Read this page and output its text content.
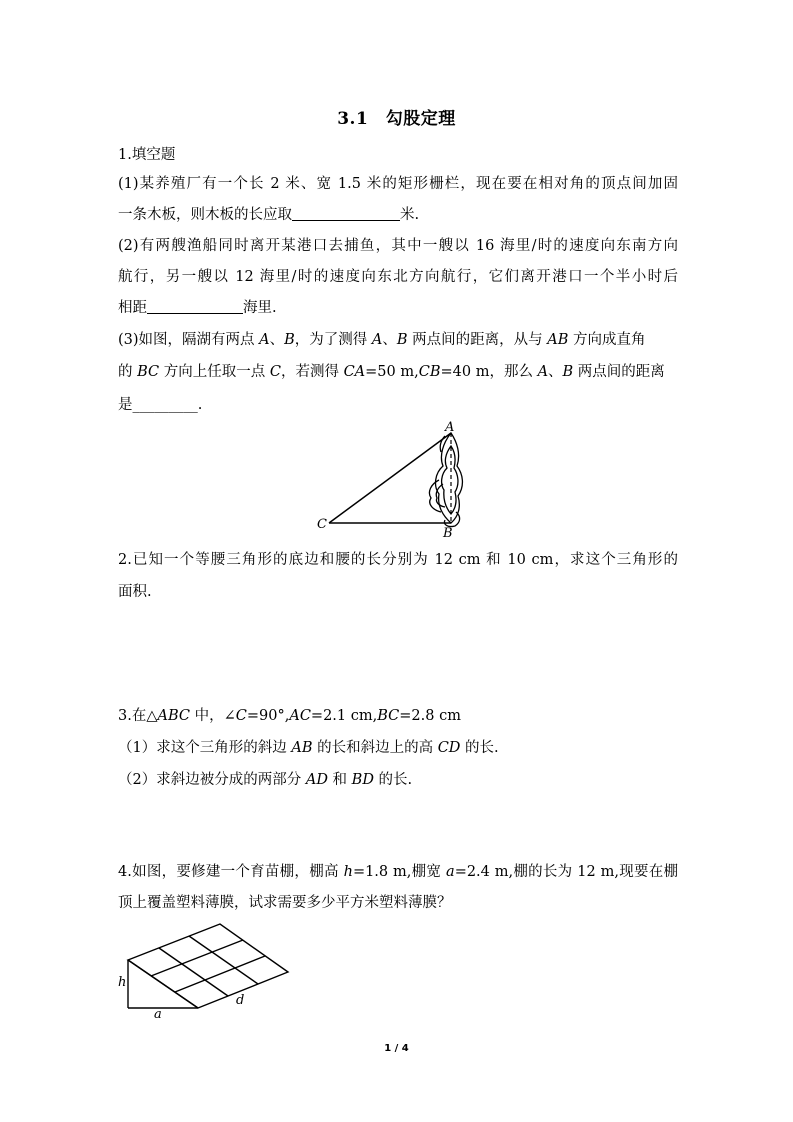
3.1　勾股定理
1.填空题
(1)某养殖厂有一个长 2 米、宽 1.5 米的矩形栅栏，现在要在相对角的顶点间加固
一条木板，则木板的长应取	米.
(2)有两艘渔船同时离开某港口去捕鱼，其中一艘以 16 海里/时的速度向东南方向
航行，另一艘以 12 海里/时的速度向东北方向航行，它们离开港口一个半小时后
相距	海里.
(3)如图，隔湖有两点 A、B，为了测得 A、B 两点间的距离，从与 AB 方向成直角
的 BC 方向上任取一点 C，若测得 CA=50 m,CB=40 m，那么 A、B 两点间的距离
是_________.
A
B
C
2.已知一个等腰三角形的底边和腰的长分别为 12 cm 和 10 cm，求这个三角形的
面积.
3.在△ABC 中，∠C=90°,AC=2.1 cm,BC=2.8 cm
（1）求这个三角形的斜边 AB 的长和斜边上的高 CD 的长.
（2）求斜边被分成的两部分 AD 和 BD 的长.
4.如图，要修建一个育苗棚，棚高 h=1.8 m,棚宽 a=2.4 m,棚的长为 12 m,现要在棚
顶上覆盖塑料薄膜，试求需要多少平方米塑料薄膜？
h
a
d
1 / 4
